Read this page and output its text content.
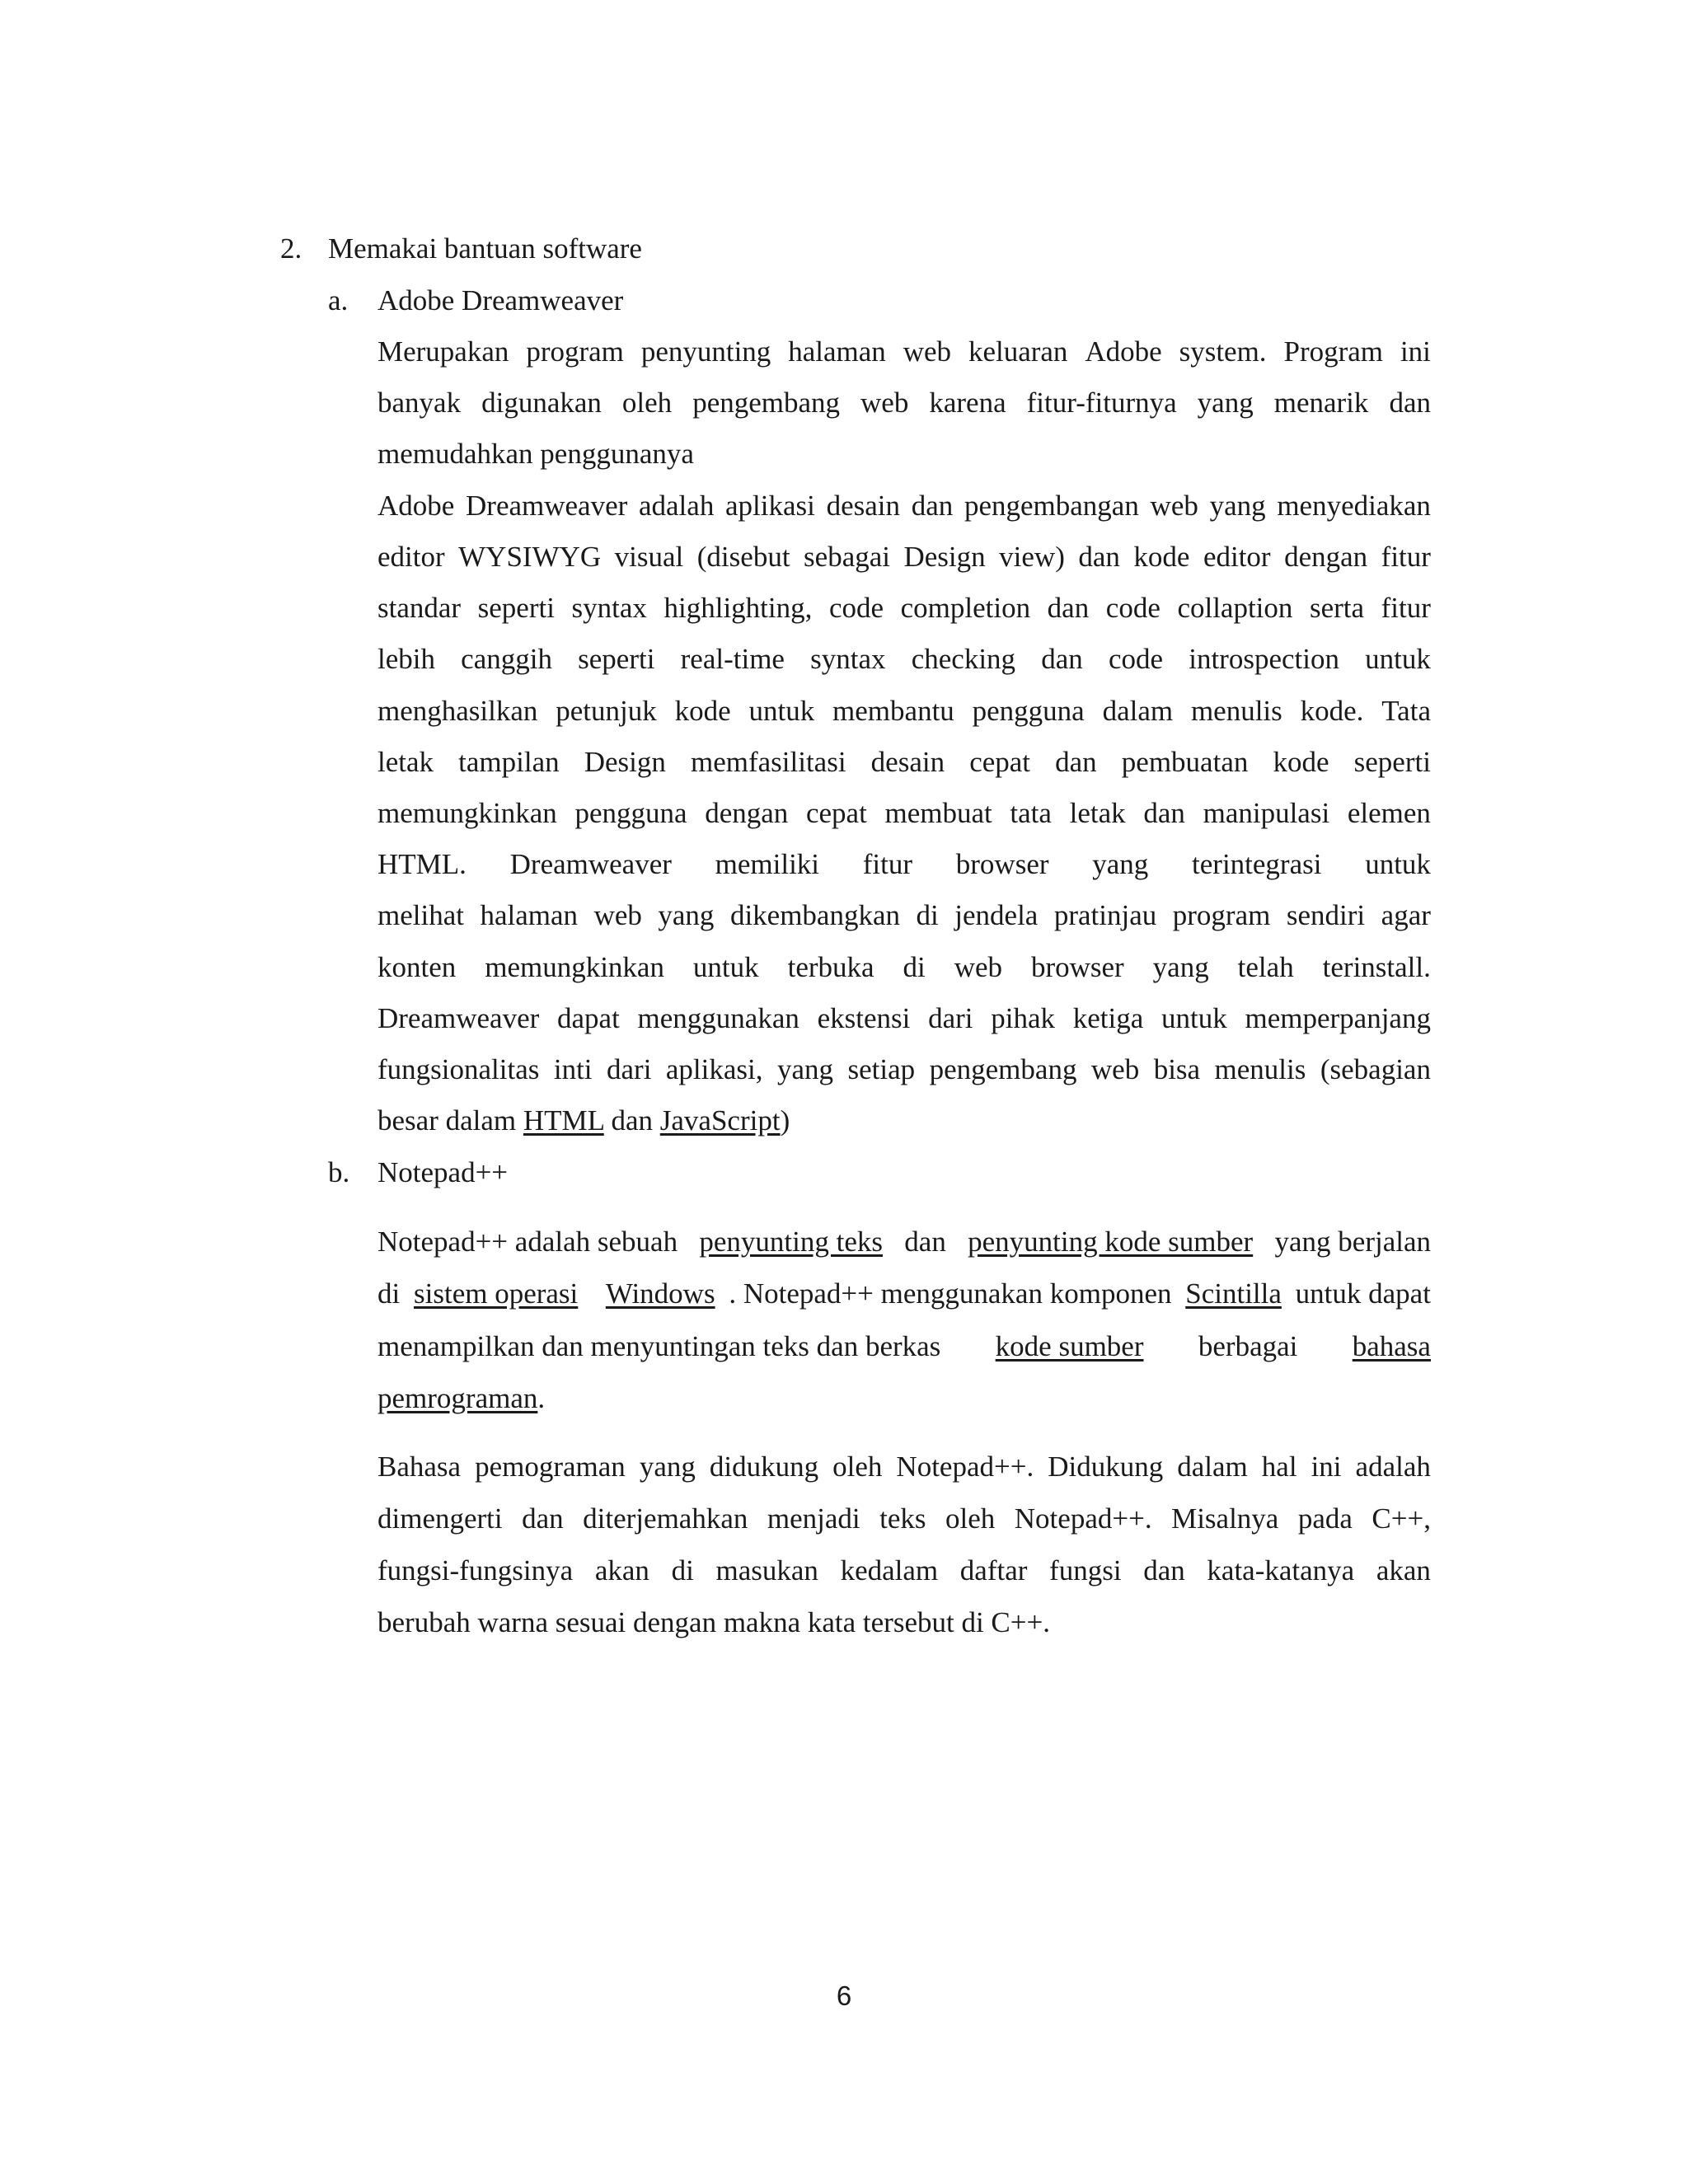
2. Memakai bantuan software
a. Adobe Dreamweaver
Merupakan program penyunting halaman web keluaran Adobe system. Program ini
banyak digunakan oleh pengembang web karena fitur-fiturnya yang menarik dan
memudahkan penggunanya
Adobe Dreamweaver adalah aplikasi desain dan pengembangan web yang menyediakan
editor WYSIWYG visual (disebut sebagai Design view) dan kode editor dengan fitur
standar seperti syntax highlighting, code completion dan code collaption serta fitur
lebih canggih seperti real-time syntax checking dan code introspection untuk
menghasilkan petunjuk kode untuk membantu pengguna dalam menulis kode. Tata
letak tampilan Design memfasilitasi desain cepat dan pembuatan kode seperti
memungkinkan pengguna dengan cepat membuat tata letak dan manipulasi elemen
HTML. Dreamweaver memiliki fitur browser yang terintegrasi untuk
melihat halaman web yang dikembangkan di jendela pratinjau program sendiri agar
konten memungkinkan untuk terbuka di web browser yang telah terinstall.
Dreamweaver dapat menggunakan ekstensi dari pihak ketiga untuk memperpanjang
fungsionalitas inti dari aplikasi, yang setiap pengembang web bisa menulis (sebagian
besar dalam HTML dan JavaScript)
b. Notepad++
Notepad++ adalah sebuah penyunting teks dan penyunting kode sumber yang berjalan
di sistem operasi Windows . Notepad++ menggunakan komponen Scintilla untuk dapat
menampilkan dan menyuntingan teks dan berkas kode sumber berbagai bahasa
pemrograman.
Bahasa pemograman yang didukung oleh Notepad++. Didukung dalam hal ini adalah
dimengerti dan diterjemahkan menjadi teks oleh Notepad++. Misalnya pada C++,
fungsi-fungsinya akan di masukan kedalam daftar fungsi dan kata-katanya akan
berubah warna sesuai dengan makna kata tersebut di C++.
6
